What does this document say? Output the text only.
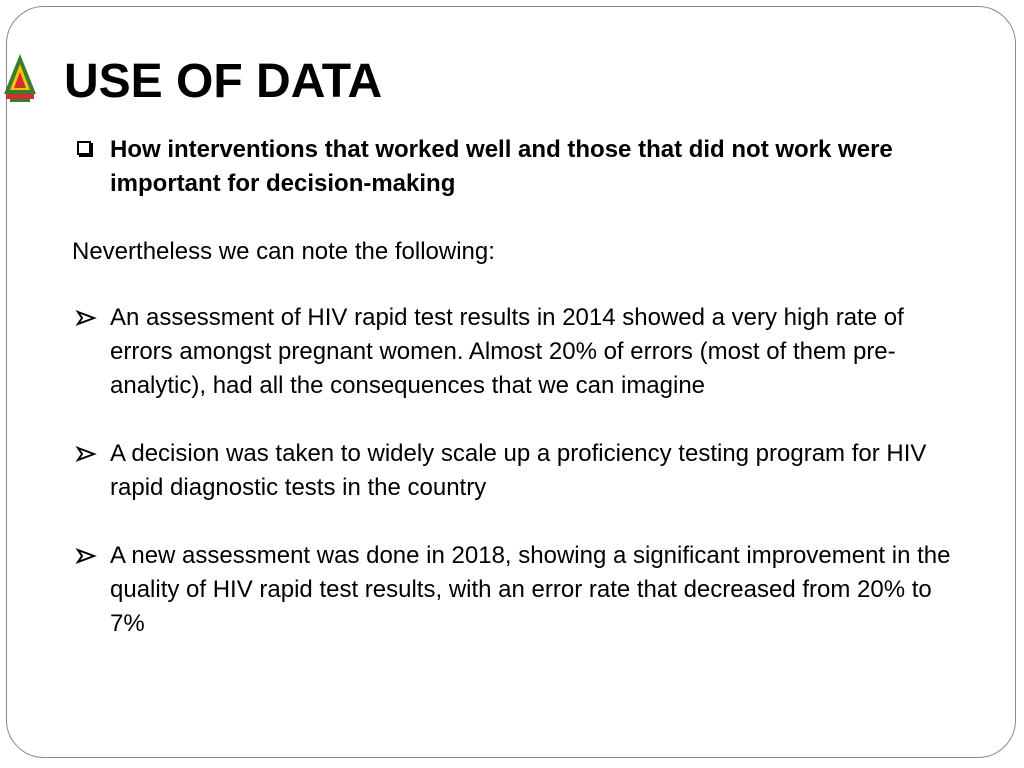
USE OF DATA
How interventions that worked well and those that did not work were important for decision-making

Nevertheless we can note the following:

An assessment of HIV rapid test results in 2014 showed a very high rate of errors amongst pregnant women. Almost 20% of errors (most of them pre-analytic), had all the consequences that we can imagine
A decision was taken to widely scale up a proficiency testing program for HIV rapid diagnostic tests in the country
A new assessment was done in 2018, showing a significant improvement in the quality of HIV rapid test results, with an error rate that decreased from 20% to 7%
